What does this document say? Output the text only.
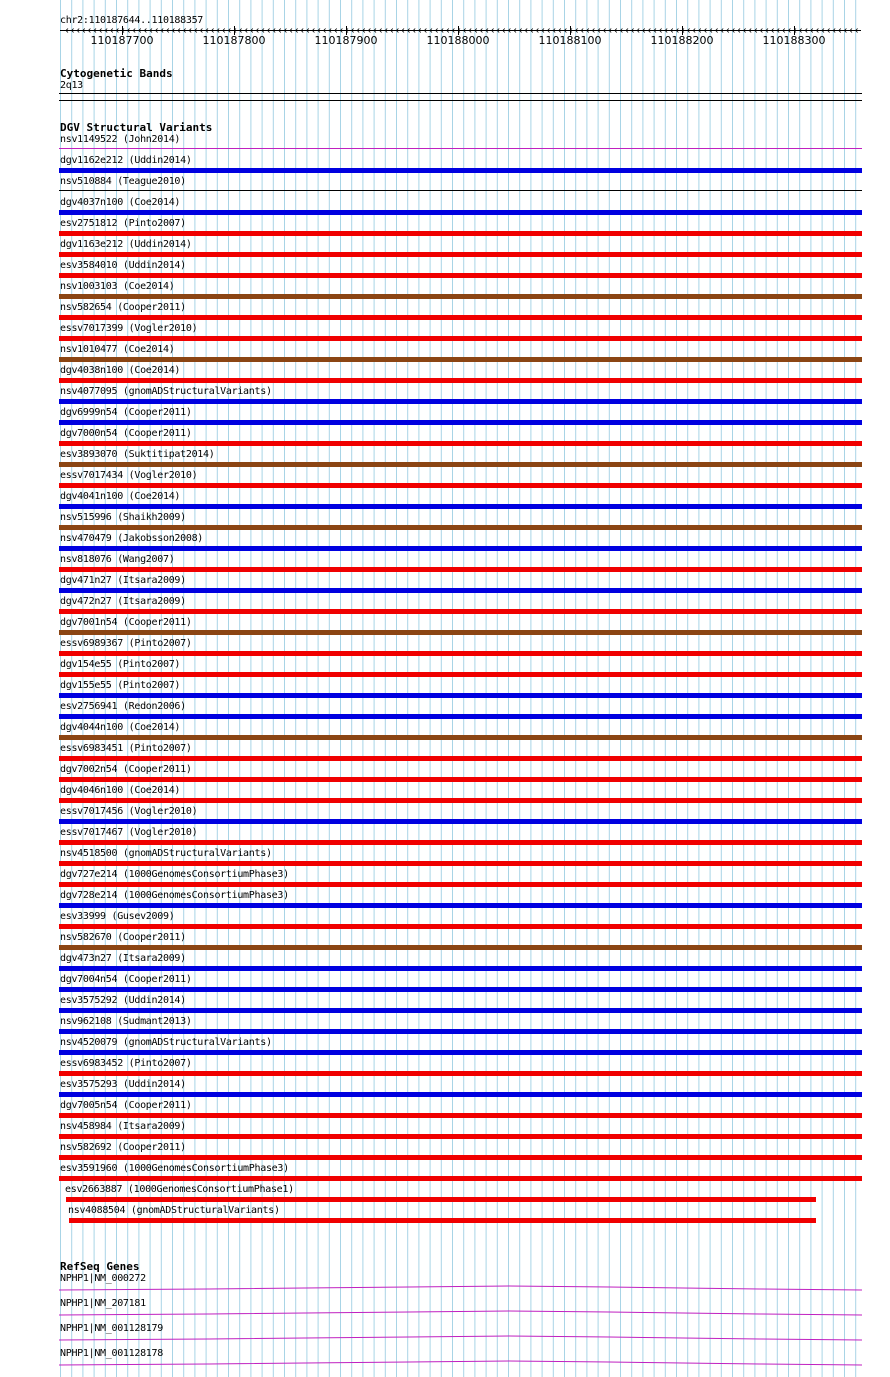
chr2:110187644..110188357
110187700	110187800	110187900	110188000	110188100	110188200	110188300
Cytogenetic Bands
2q13
DGV Structural Variants
nsv1149522 (John2014)
dgv1162e212 (Uddin2014)
nsv510884 (Teague2010)
dgv4037n100 (Coe2014)
esv2751812 (Pinto2007)
dgv1163e212 (Uddin2014)
esv3584010 (Uddin2014)
nsv1003103 (Coe2014)
nsv582654 (Cooper2011)
essv7017399 (Vogler2010)
nsv1010477 (Coe2014)
dgv4038n100 (Coe2014)
nsv4077095 (gnomADStructuralVariants)
dgv6999n54 (Cooper2011)
dgv7000n54 (Cooper2011)
esv3893070 (Suktitipat2014)
essv7017434 (Vogler2010)
dgv4041n100 (Coe2014)
nsv515996 (Shaikh2009)
nsv470479 (Jakobsson2008)
nsv818076 (Wang2007)
dgv471n27 (Itsara2009)
dgv472n27 (Itsara2009)
dgv7001n54 (Cooper2011)
essv6989367 (Pinto2007)
dgv154e55 (Pinto2007)
dgv155e55 (Pinto2007)
esv2756941 (Redon2006)
dgv4044n100 (Coe2014)
essv6983451 (Pinto2007)
dgv7002n54 (Cooper2011)
dgv4046n100 (Coe2014)
essv7017456 (Vogler2010)
essv7017467 (Vogler2010)
nsv4518500 (gnomADStructuralVariants)
dgv727e214 (1000GenomesConsortiumPhase3)
dgv728e214 (1000GenomesConsortiumPhase3)
esv33999 (Gusev2009)
nsv582670 (Cooper2011)
dgv473n27 (Itsara2009)
dgv7004n54 (Cooper2011)
esv3575292 (Uddin2014)
nsv962108 (Sudmant2013)
nsv4520079 (gnomADStructuralVariants)
essv6983452 (Pinto2007)
esv3575293 (Uddin2014)
dgv7005n54 (Cooper2011)
nsv458984 (Itsara2009)
nsv582692 (Cooper2011)
esv3591960 (1000GenomesConsortiumPhase3)
esv2663887 (1000GenomesConsortiumPhase1)
nsv4088504 (gnomADStructuralVariants)
RefSeq Genes
NPHP1|NM_000272
NPHP1|NM_207181
NPHP1|NM_001128179
NPHP1|NM_001128178
